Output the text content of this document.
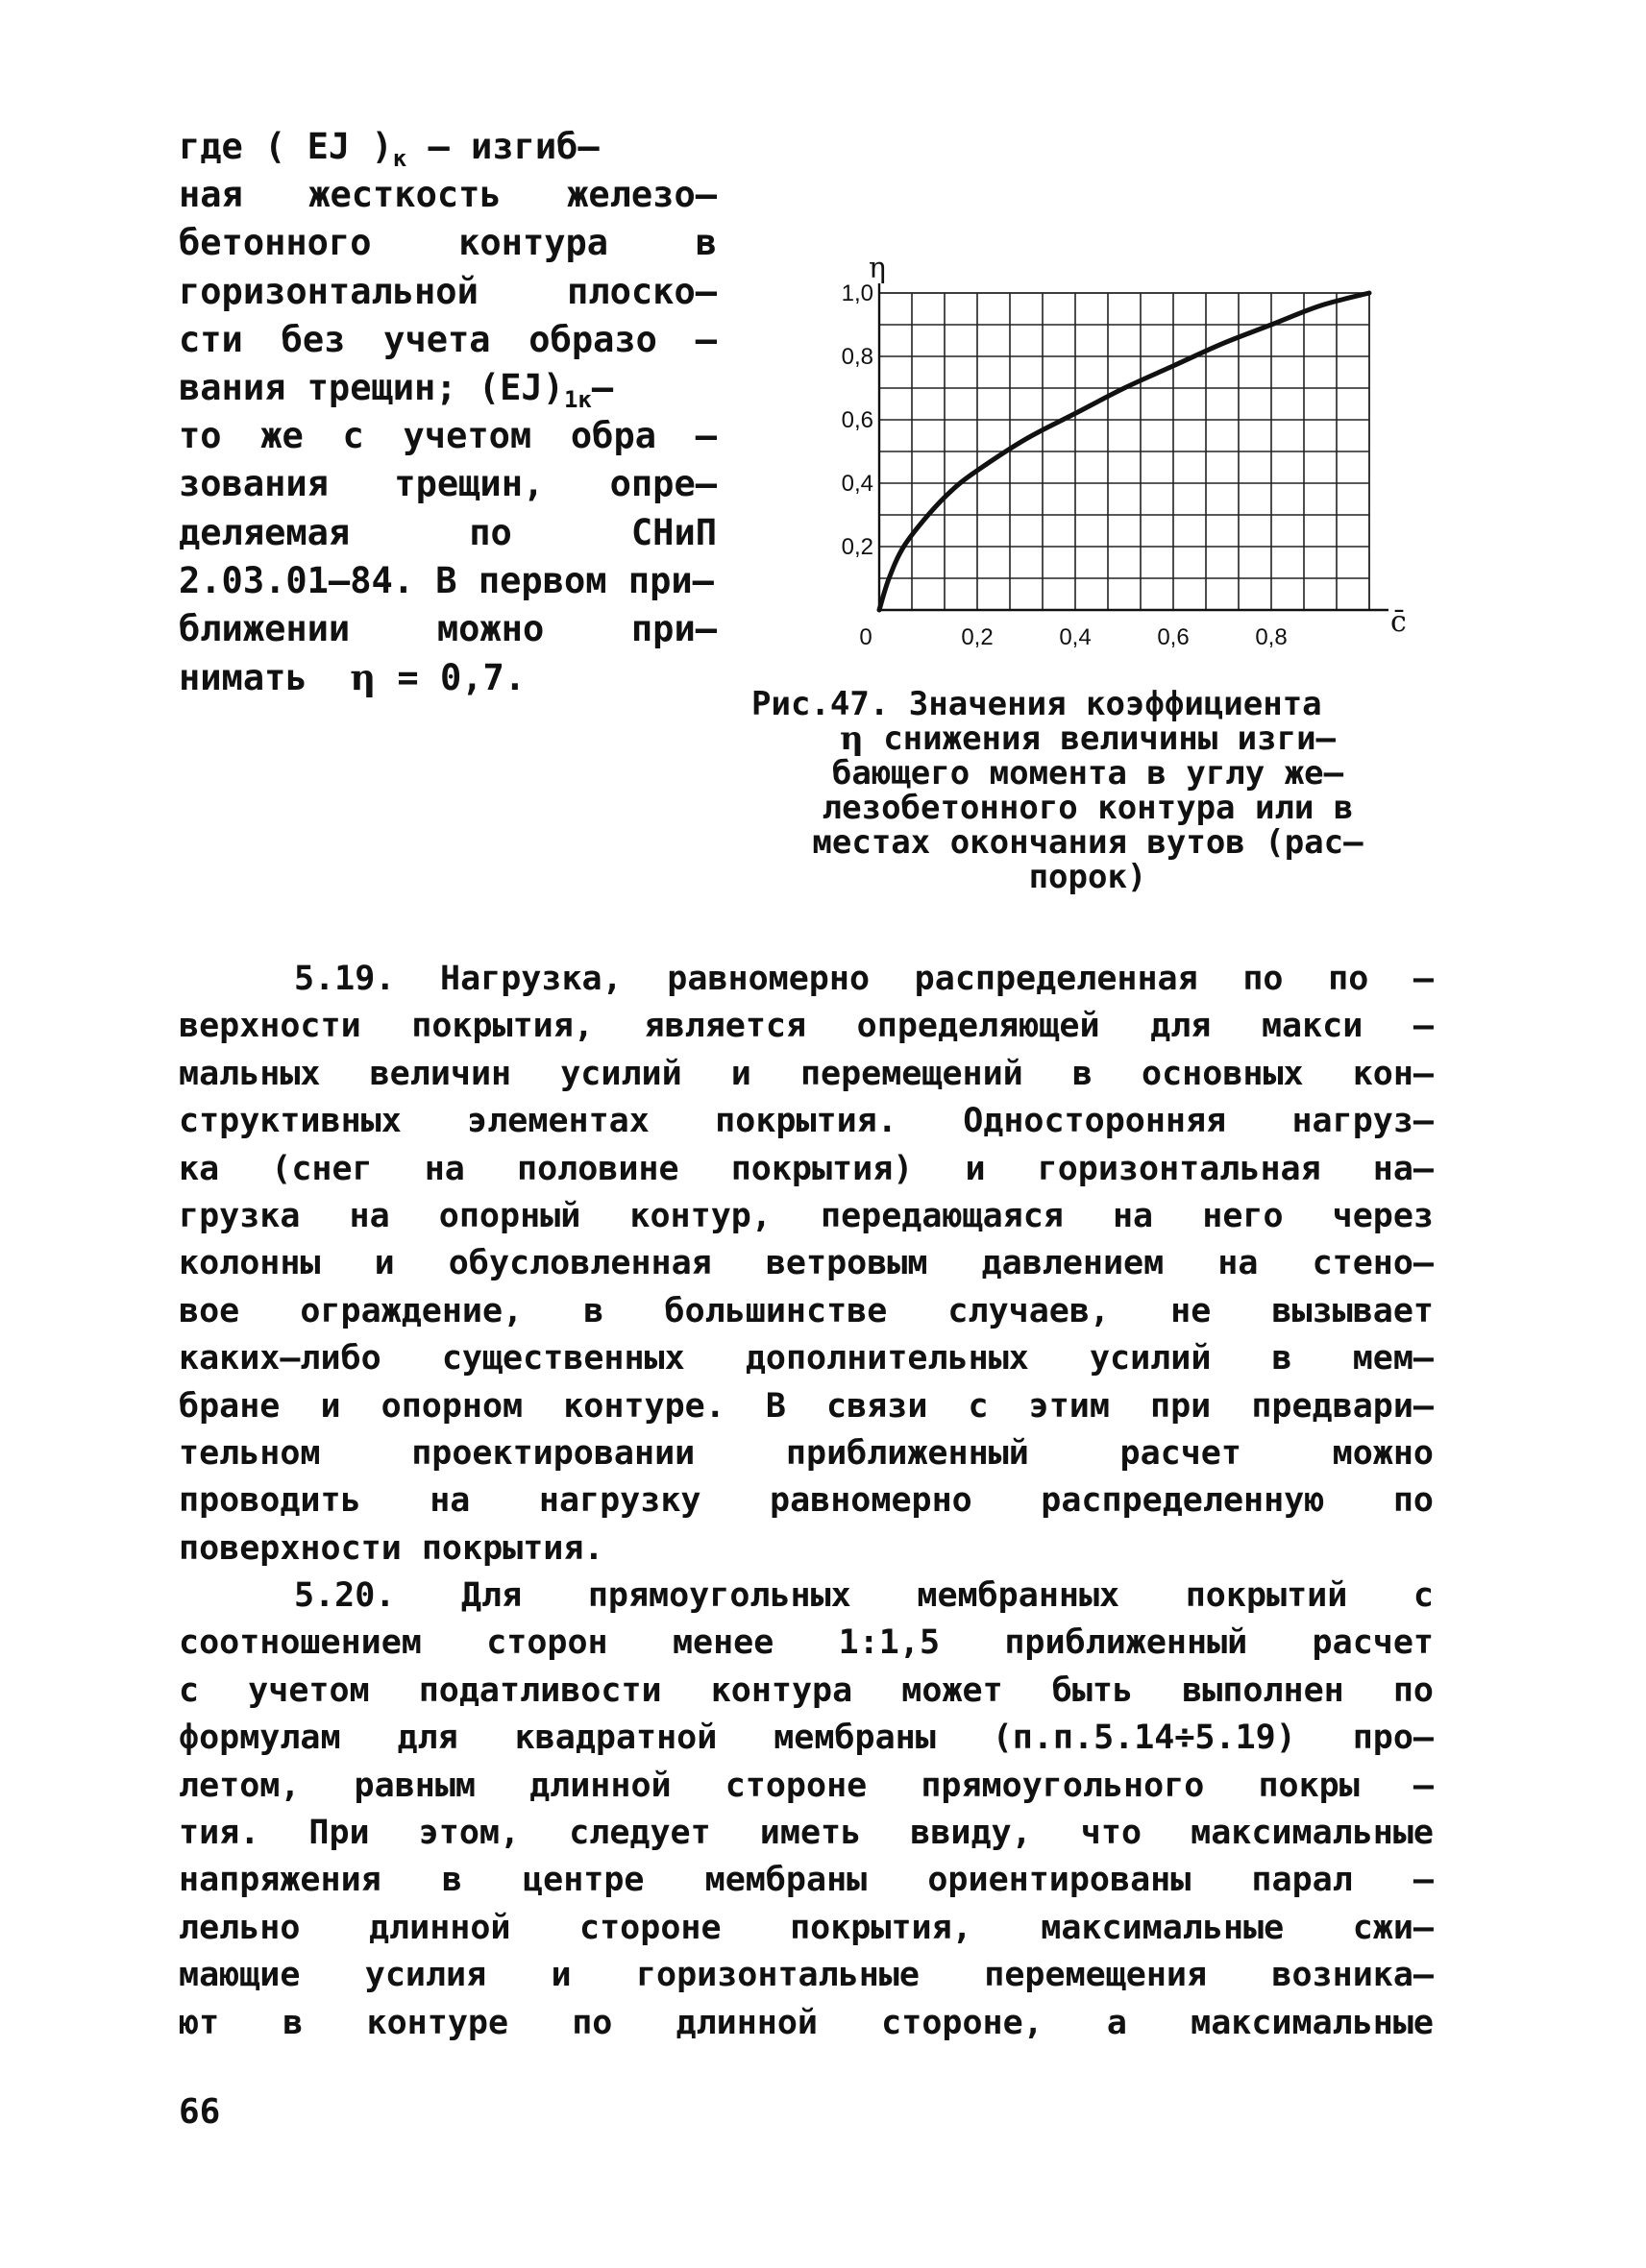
где ( EJ )$_к$ – изгиб–
ная жесткость железо–
бетонного контура в
горизонтальной плоско–
сти без учета образо –
вания трещин; $(EJ)_{1к}-$
то же с учетом обра –
зования трещин, опре–
деляемая по СНиП
2.03.01–84. В первом при–
ближении можно при–
нимать η = 0,7.
0,2
0,4
0,6
0,8
1,0
0	0,2	0,4	0,6	0,8
η
c̄
Рис.47. Значения коэффициента
η снижения величины изги–
бающего момента в углу же–
лезобетонного контура или в
местах окончания вутов (рас–
порок)
5.19. Нагрузка, равномерно распределенная по по –
верхности покрытия, является определяющей для макси –
мальных величин усилий и перемещений в основных кон–
структивных элементах покрытия. Односторонняя нагруз–
ка (снег на половине покрытия) и горизонтальная на–
грузка на опорный контур, передающаяся на него через
колонны и обусловленная ветровым давлением на стено–
вое ограждение, в большинстве случаев, не вызывает
каких–либо существенных дополнительных усилий в мем–
бране и опорном контуре. В связи с этим при предвари–
тельном проектировании приближенный расчет можно
проводить на нагрузку равномерно распределенную по
поверхности покрытия.
5.20. Для прямоугольных мембранных покрытий с
соотношением сторон менее 1:1,5 приближенный расчет
с учетом податливости контура может быть выполнен по
формулам для квадратной мембраны (п.п.5.14÷5.19) про–
летом, равным длинной стороне прямоугольного покры –
тия. При этом, следует иметь ввиду, что максимальные
напряжения в центре мембраны ориентированы парал –
лельно длинной стороне покрытия, максимальные сжи–
мающие усилия и горизонтальные перемещения возника–
ют в контуре по длинной стороне, а максимальные
66
